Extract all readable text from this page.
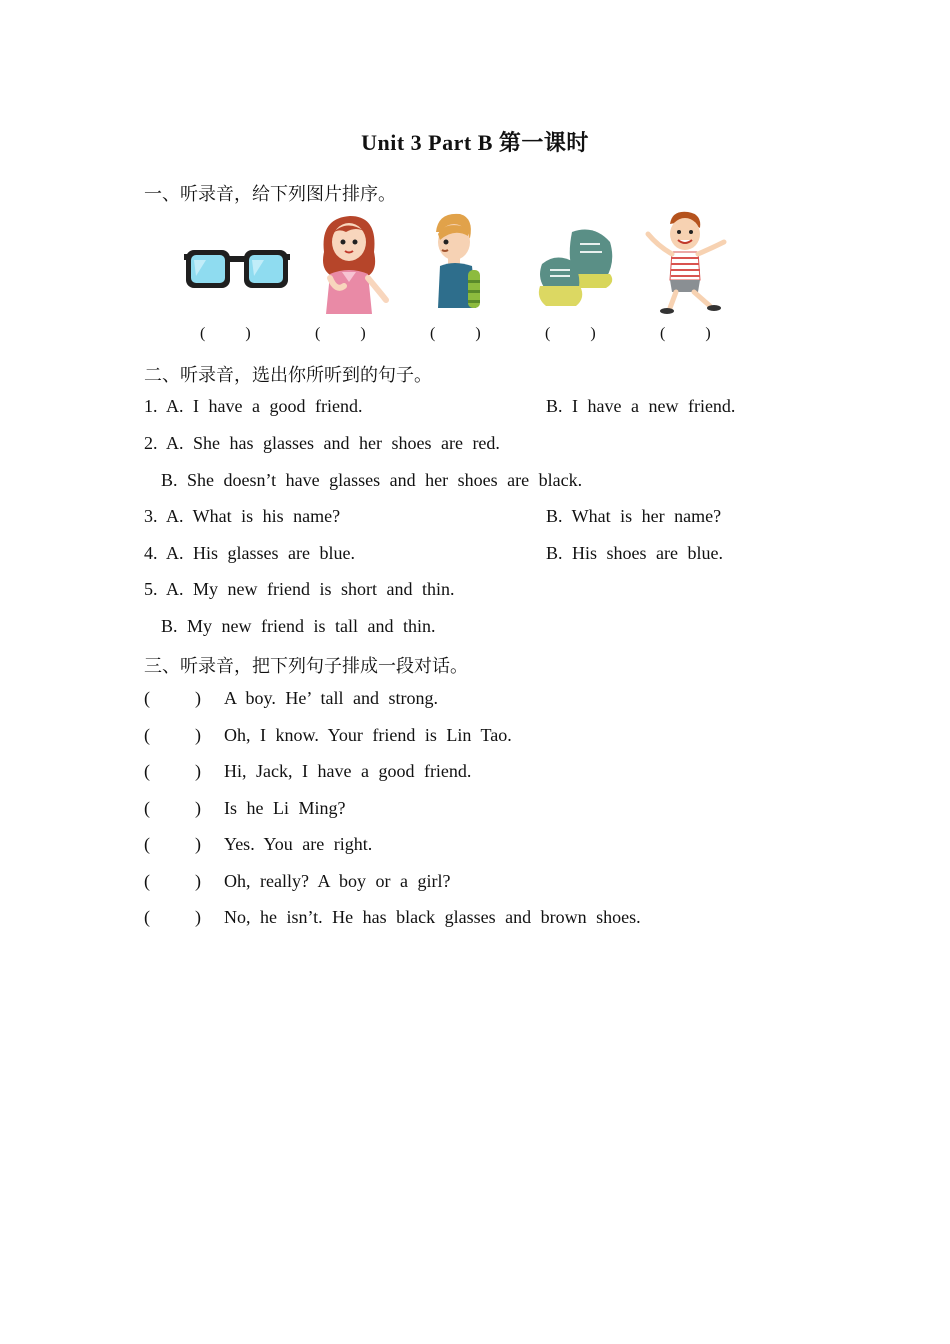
Unit 3 Part B 第一课时
一、听录音，给下列图片排序。
(          )	(          )	(          )	(          )	(          )
二、听录音，选出你所听到的句子。
1. A. I have a good friend.	B. I have a new friend.
2. A. She has glasses and her shoes are red.
B. She doesn’t have glasses and her shoes are black.
3. A. What is his name?	B. What is her name?
4. A. His glasses are blue.	B. His shoes are blue.
5. A. My new friend is short and thin.
B. My new friend is tall and thin.
三、听录音，把下列句子排成一段对话。
(          ) A boy. He’ tall and strong.
(          ) Oh, I know. Your friend is Lin Tao.
(          ) Hi, Jack, I have a good friend.
(          ) Is he Li Ming?
(          ) Yes. You are right.
(          ) Oh, really? A boy or a girl?
(          ) No, he isn’t. He has black glasses and brown shoes.
